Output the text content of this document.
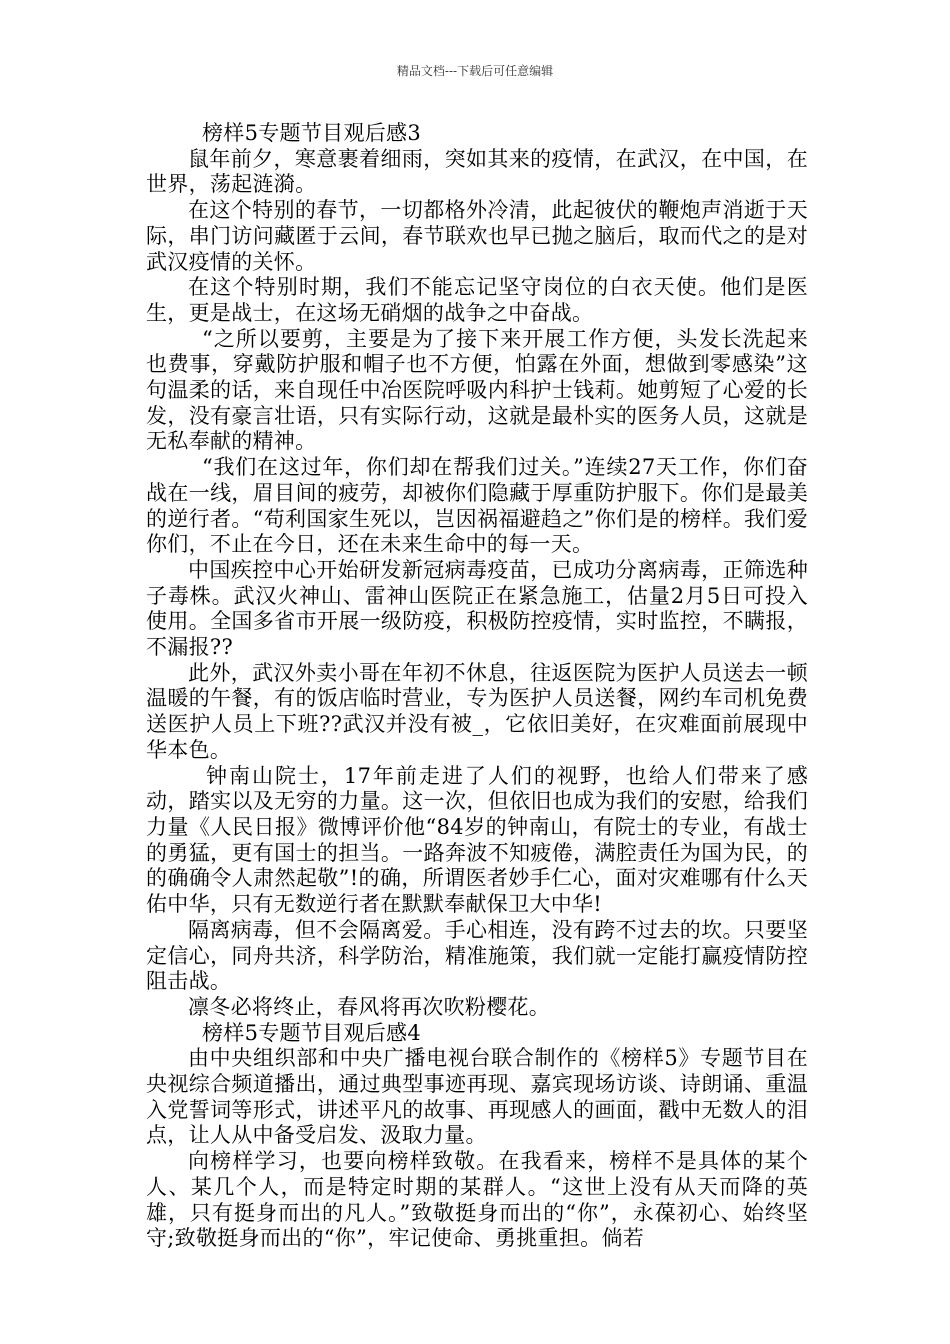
精品文档---下载后可任意编辑

榜样5专题节目观后感3

鼠年前夕，寒意裹着细雨，突如其来的疫情，在武汉，在中国，在世界，荡起涟漪。

在这个特别的春节，一切都格外冷清，此起彼伏的鞭炮声消逝于天际，串门访问藏匿于云间，春节联欢也早已抛之脑后，取而代之的是对武汉疫情的关怀。

在这个特别时期，我们不能忘记坚守岗位的白衣天使。他们是医生，更是战士，在这场无硝烟的战争之中奋战。

“之所以要剪，主要是为了接下来开展工作方便，头发长洗起来也费事，穿戴防护服和帽子也不方便，怕露在外面，想做到零感染”这句温柔的话，来自现任中冶医院呼吸内科护士钱莉。她剪短了心爱的长发，没有豪言壮语，只有实际行动，这就是最朴实的医务人员，这就是无私奉献的精神。

“我们在这过年，你们却在帮我们过关。”连续27天工作，你们奋战在一线，眉目间的疲劳，却被你们隐藏于厚重防护服下。你们是最美的逆行者。“苟利国家生死以，岂因祸福避趋之”你们是的榜样。我们爱你们，不止在今日，还在未来生命中的每一天。

中国疾控中心开始研发新冠病毒疫苗，已成功分离病毒，正筛选种子毒株。武汉火神山、雷神山医院正在紧急施工，估量2月5日可投入使用。全国多省市开展一级防疫，积极防控疫情，实时监控，不瞒报，不漏报??

此外，武汉外卖小哥在年初不休息，往返医院为医护人员送去一顿温暖的午餐，有的饭店临时营业，专为医护人员送餐，网约车司机免费送医护人员上下班??武汉并没有被_，它依旧美好，在灾难面前展现中华本色。

钟南山院士，17年前走进了人们的视野，也给人们带来了感动，踏实以及无穷的力量。这一次，但依旧也成为我们的安慰，给我们力量《人民日报》微博评价他“84岁的钟南山，有院士的专业，有战士的勇猛，更有国士的担当。一路奔波不知疲倦，满腔责任为国为民，的的确确令人肃然起敬”!的确，所谓医者妙手仁心，面对灾难哪有什么天佑中华，只有无数逆行者在默默奉献保卫大中华!

隔离病毒，但不会隔离爱。手心相连，没有跨不过去的坎。只要坚定信心，同舟共济，科学防治，精准施策，我们就一定能打赢疫情防控阻击战。

凛冬必将终止，春风将再次吹粉樱花。

榜样5专题节目观后感4

由中央组织部和中央广播电视台联合制作的《榜样5》专题节目在央视综合频道播出，通过典型事迹再现、嘉宾现场访谈、诗朗诵、重温入党誓词等形式，讲述平凡的故事、再现感人的画面，戳中无数人的泪点，让人从中备受启发、汲取力量。

向榜样学习，也要向榜样致敬。在我看来，榜样不是具体的某个人、某几个人，而是特定时期的某群人。“这世上没有从天而降的英雄，只有挺身而出的凡人。”致敬挺身而出的“你”，永葆初心、始终坚守;致敬挺身而出的“你”，牢记使命、勇挑重担。倘若
